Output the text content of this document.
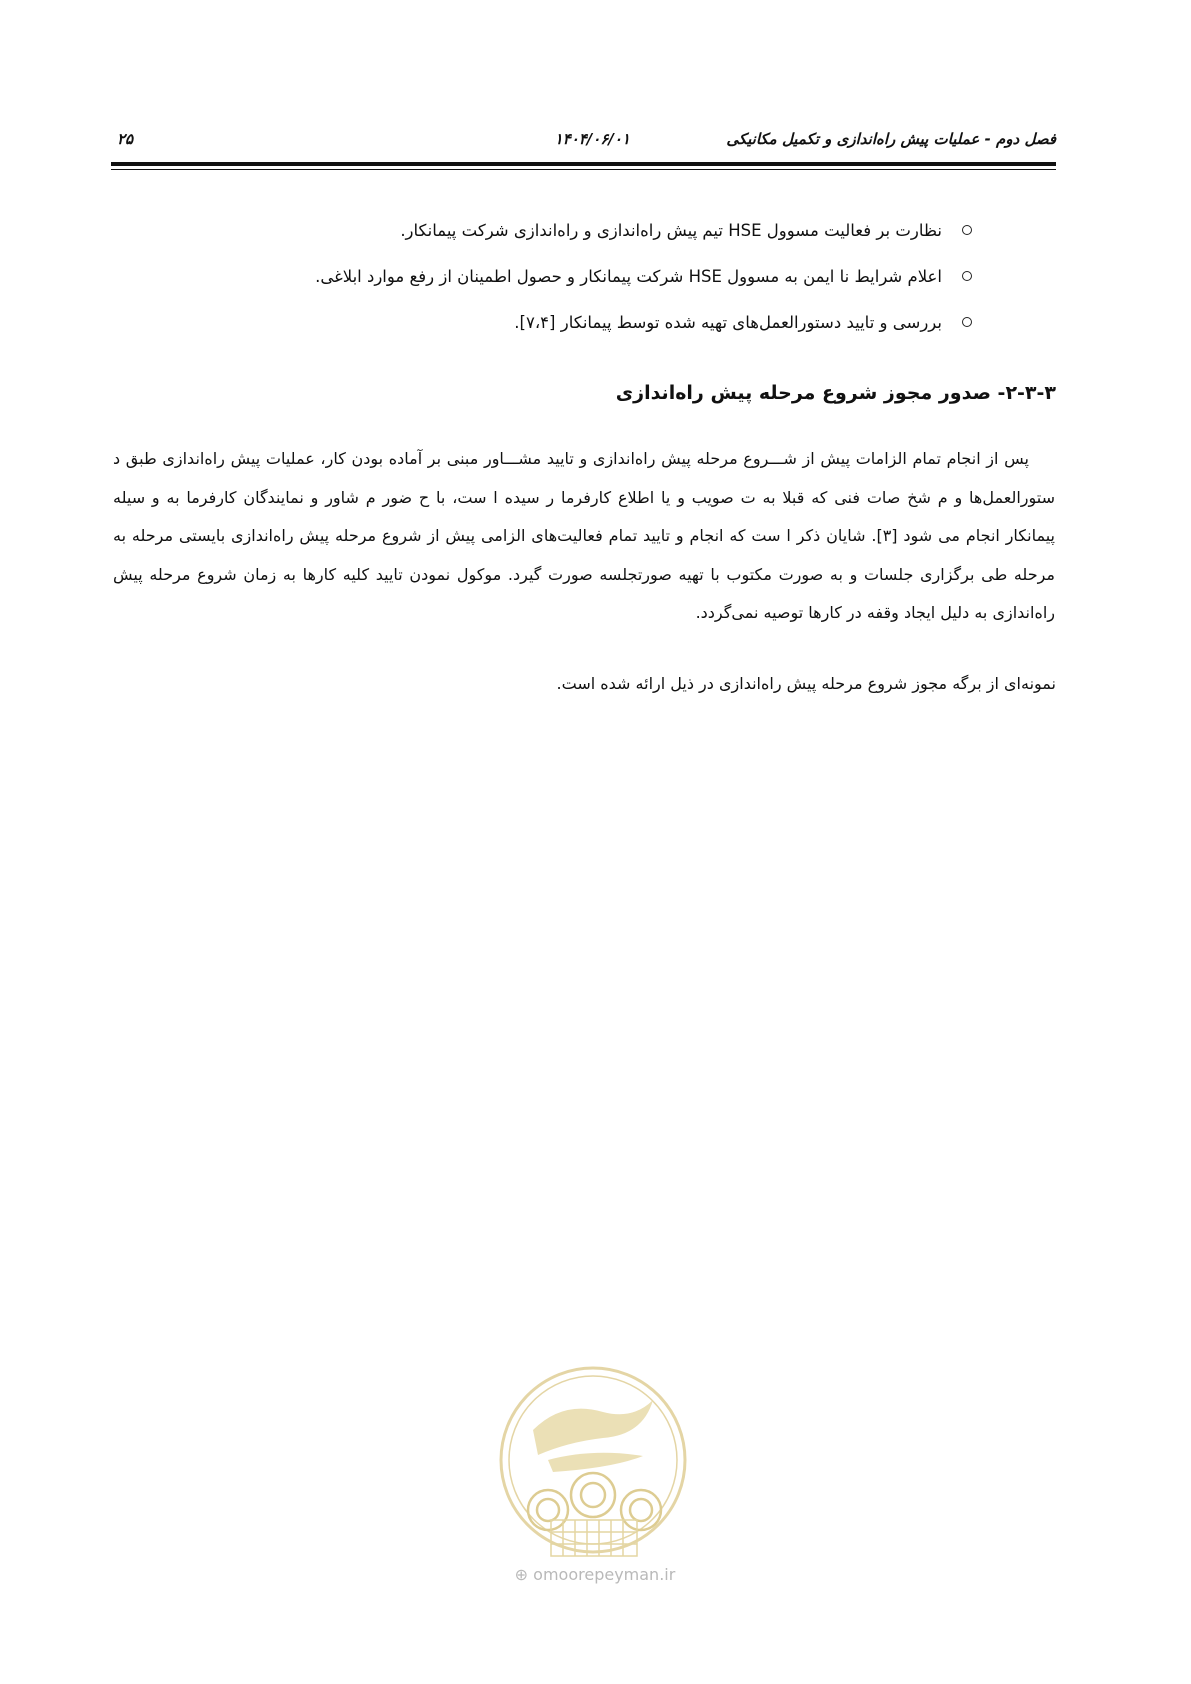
فصل دوم - عملیات پیش راه‌اندازی و تکمیل مکانیکی
۱۴۰۴/۰۶/۰۱
۲۵
نظارت بر فعالیت مسوول HSE تیم پیش راه‌اندازی و راه‌اندازی شرکت پیمانکار.
اعلام شرایط نا ایمن به مسوول HSE شرکت پیمانکار و حصول اطمینان از رفع موارد ابلاغی.
بررسی و تایید دستورالعمل‌های تهیه شده توسط پیمانکار [۷،۴].
۲-۳-۳- صدور مجوز شروع مرحله پیش راه‌اندازی

پس از انجام تمام الزامات پیش از شـــروع مرحله پیش راه‌اندازی و تایید مشـــاور مبنی بر آماده بودن کار، عملیات پیش راه‌اندازی طبق د ستورالعمل‌ها و م شخ صات فنی که قبلا به ت صویب و یا اطلاع کارفرما ر سیده ا ست، با ح ضور م شاور و نمایندگان کارفرما به و سیله پیمانکار انجام می شود [۳]. شایان ذکر ا ست که انجام و تایید تمام فعالیت‌های الزامی پیش از شروع مرحله پیش راه‌اندازی بایستی مرحله به مرحله طی برگزاری جلسات و به صورت مکتوب با تهیه صورتجلسه صورت گیرد. موکول نمودن تایید کلیه کارها به زمان شروع مرحله پیش راه‌اندازی به دلیل ایجاد وقفه در کارها توصیه نمی‌گردد.

نمونه‌ای از برگه مجوز شروع مرحله پیش راه‌اندازی در ذیل ارائه شده است.

⊕ omoorepeyman.ir
